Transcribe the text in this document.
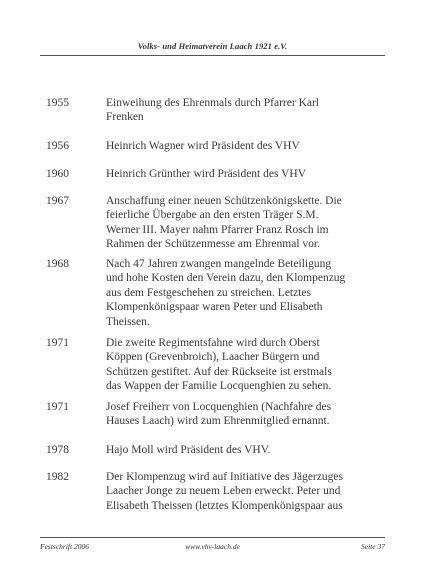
Volks- und Heimatverein Laach 1921 e.V.
1955	Einweihung des Ehrenmals durch Pfarrer Karl
Frenken
1956	Heinrich Wagner wird Präsident des VHV
1960	Heinrich Grünther wird Präsident des VHV
1967	Anschaffung einer neuen Schützenkönigskette. Die
feierliche Übergabe an den ersten Träger S.M.
Werner III. Mayer nahm Pfarrer Franz Rosch im
Rahmen der Schützenmesse am Ehrenmal vor.
1968	Nach 47 Jahren zwangen mangelnde Beteiligung
und hohe Kosten den Verein dazu, den Klompenzug
aus dem Festgeschehen zu streichen. Letztes
Klompenkönigspaar waren Peter und Elisabeth
Theissen.
1971	Die zweite Regimentsfahne wird durch Oberst
Köppen (Grevenbroich), Laacher Bürgern und
Schützen gestiftet. Auf der Rückseite ist erstmals
das Wappen der Familie Locquenghien zu sehen.
1971	Josef Freiherr von Locquenghien (Nachfahre des
Hauses Laach) wird zum Ehrenmitglied ernannt.
1978	Hajo Moll wird Präsident des VHV.
1982	Der Klompenzug wird auf Initiative des Jägerzuges
Laacher Jonge zu neuem Leben erweckt. Peter und
Elisabeth Theissen (letztes Klompenkönigspaar aus
Festschrift 2006	www.vhv-laach.de	Seite 37
